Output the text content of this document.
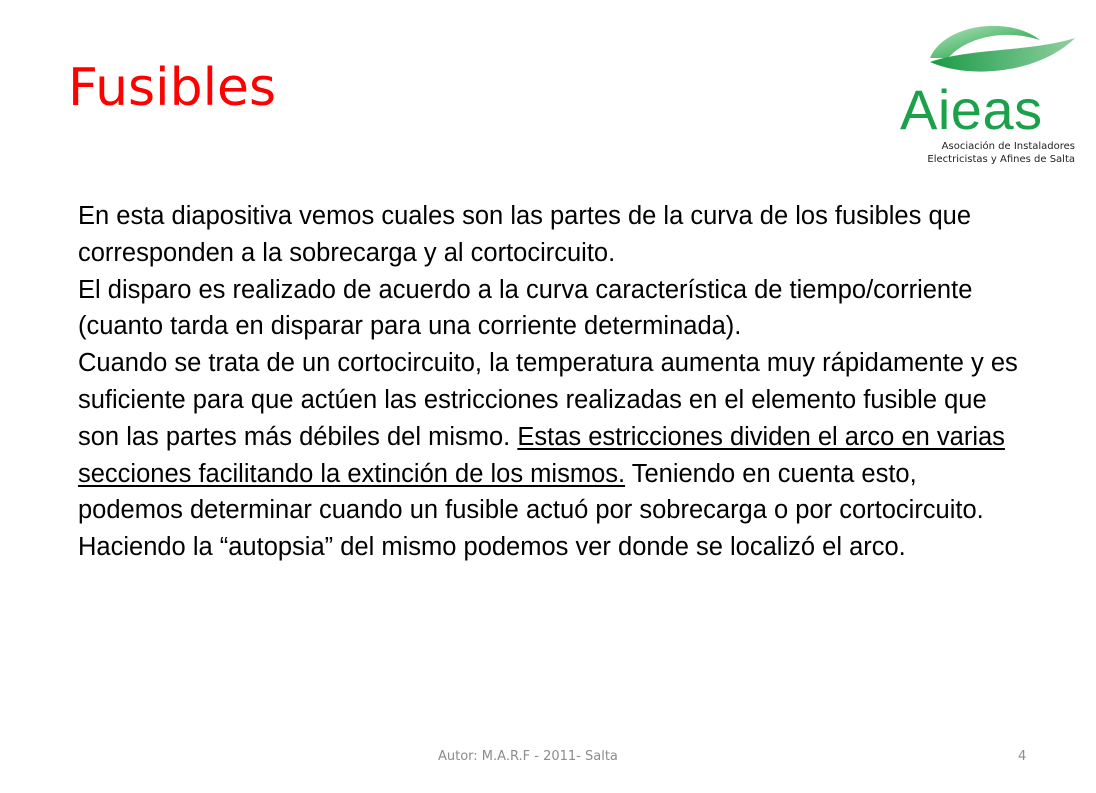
Fusibles	Aieas
Asociación de Instaladores
Electricistas y Afines de Salta

En esta diapositiva vemos cuales son las partes de la curva de los fusibles que corresponden a la sobrecarga y al cortocircuito.

El disparo es realizado de acuerdo a la curva característica de tiempo/corriente (cuanto tarda en disparar para una corriente determinada).

Cuando se trata de un cortocircuito, la temperatura aumenta muy rápidamente y es suficiente para que actúen las estricciones realizadas en el elemento fusible que son las partes más débiles del mismo. Estas estricciones dividen el arco en varias secciones facilitando la extinción de los mismos. Teniendo en cuenta esto, podemos determinar cuando un fusible actuó por sobrecarga o por cortocircuito. Haciendo la “autopsia” del mismo podemos ver donde se localizó el arco.

Autor: M.A.R.F - 2011- Salta	4
